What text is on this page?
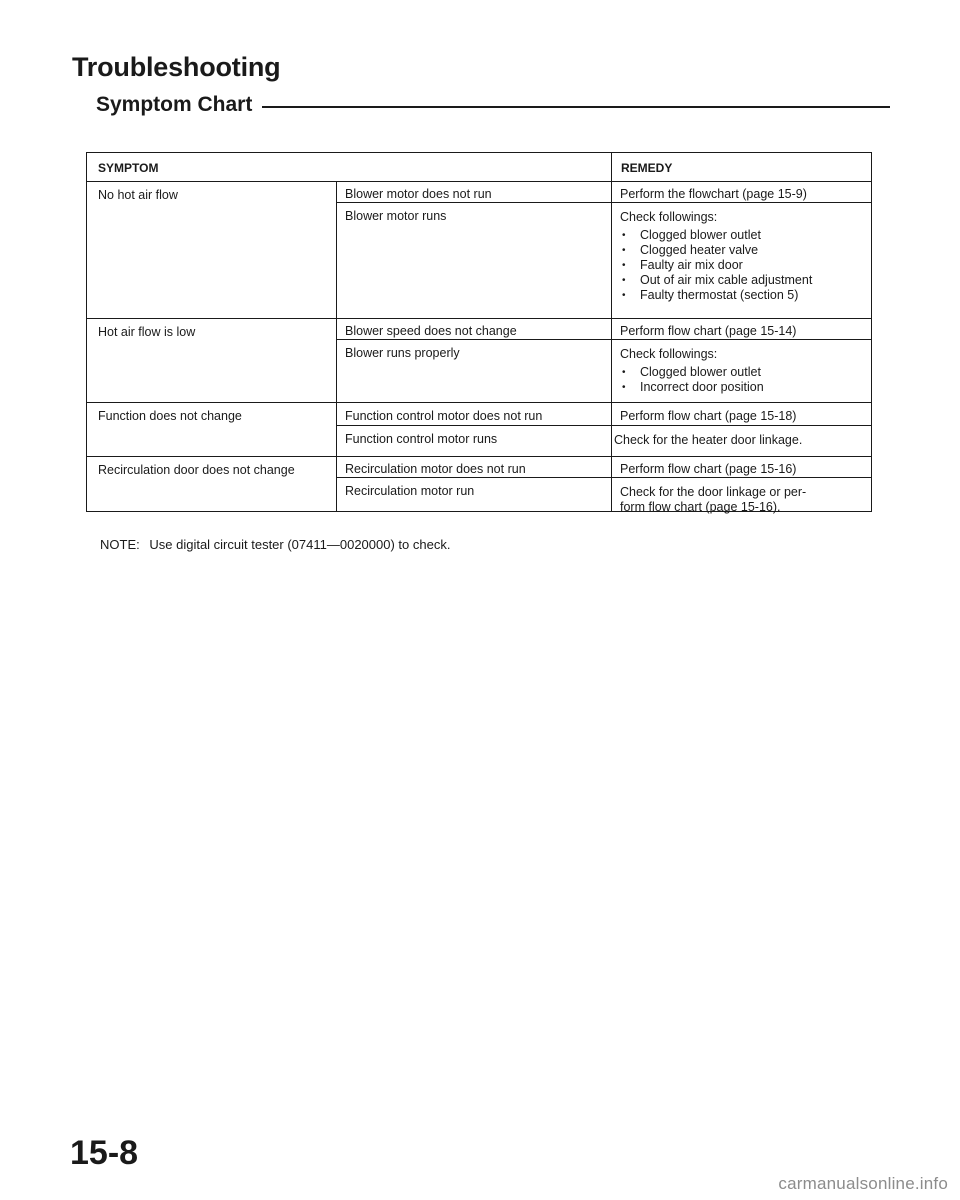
Troubleshooting
Symptom Chart
SYMPTOM	REMEDY
No hot air flow	Blower motor does not run	Perform the flowchart (page 15-9)
Blower motor runs	Check followings:
• Clogged blower outlet
• Clogged heater valve
• Faulty air mix door
• Out of air mix cable adjustment
• Faulty thermostat (section 5)
Hot air flow is low	Blower speed does not change	Perform flow chart (page 15-14)
Blower runs properly	Check followings:
• Clogged blower outlet
• Incorrect door position
Function does not change	Function control motor does not run	Perform flow chart (page 15-18)
Function control motor runs	Check for the heater door linkage.
Recirculation door does not change	Recirculation motor does not run	Perform flow chart (page 15-16)
Recirculation motor run	Check for the door linkage or per-
form flow chart (page 15-16).
NOTE: Use digital circuit tester (07411—0020000) to check.
15-8
carmanualsonline.info
